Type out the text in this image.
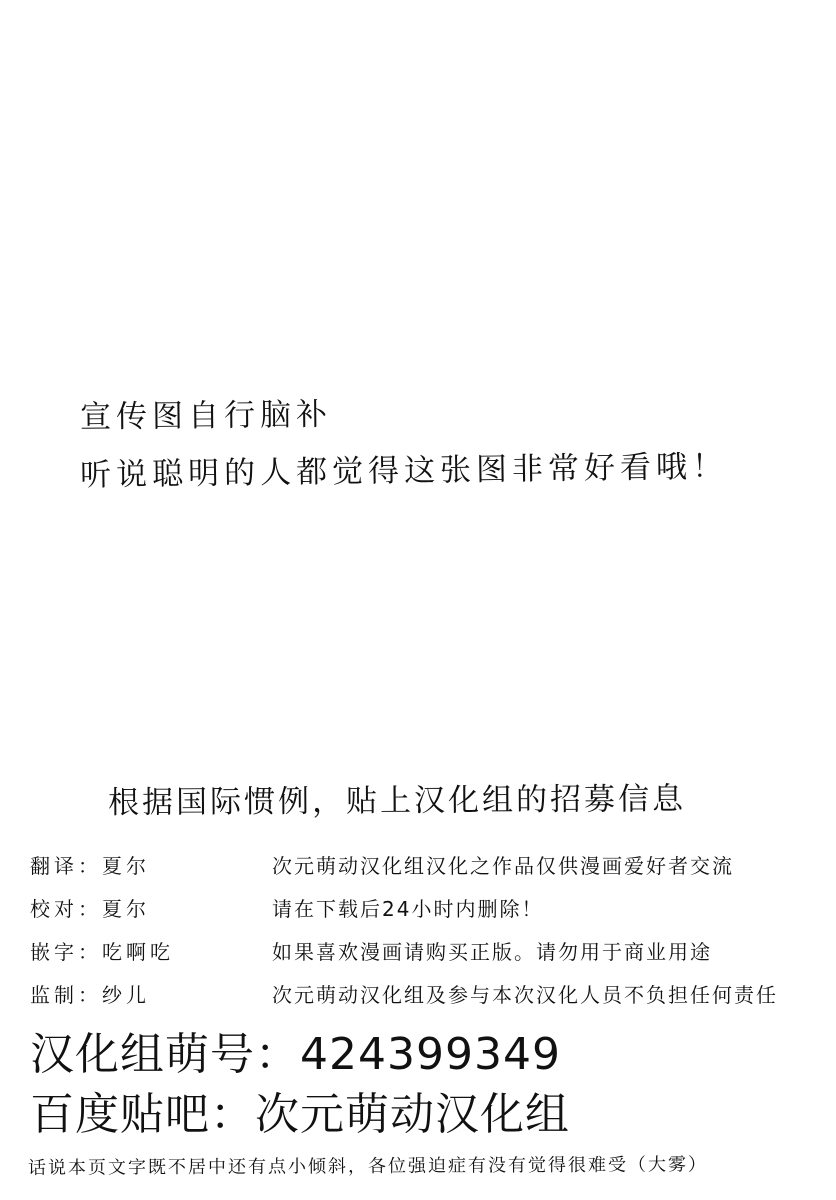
宣传图自行脑补
听说聪明的人都觉得这张图非常好看哦！
根据国际惯例，贴上汉化组的招募信息
翻译：夏尔
校对：夏尔
嵌字：吃啊吃
监制：纱儿
次元萌动汉化组汉化之作品仅供漫画爱好者交流
请在下载后24小时内删除！
如果喜欢漫画请购买正版。请勿用于商业用途
次元萌动汉化组及参与本次汉化人员不负担任何责任
汉化组萌号：424399349
百度贴吧：次元萌动汉化组
话说本页文字既不居中还有点小倾斜，各位强迫症有没有觉得很难受（大雾）
